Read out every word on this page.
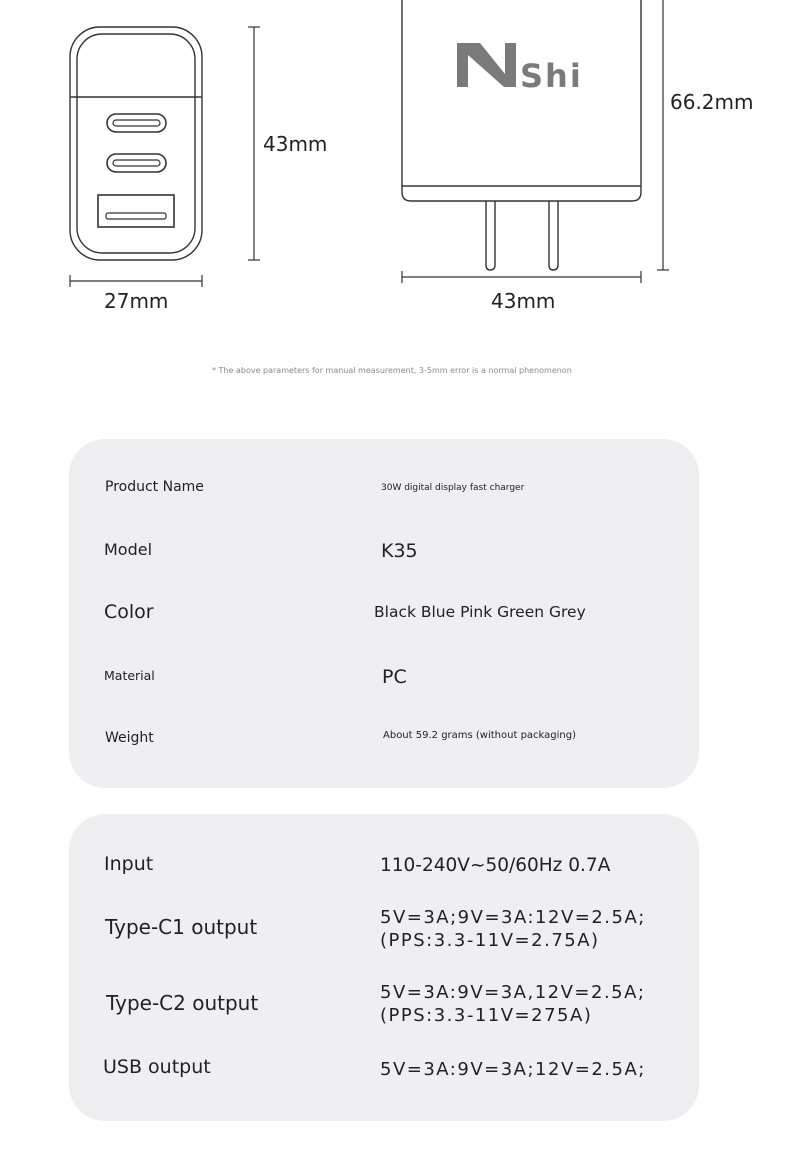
Shi
43mm
27mm
66.2mm
43mm
* The above parameters for manual measurement, 3-5mm error is a normal phenomenon
Product Name	30W digital display fast charger
Model	K35
Color	Black Blue Pink Green Grey
Material	PC
Weight	About 59.2 grams (without packaging)
Input	110-240V~50/60Hz 0.7A
Type-C1 output	5V=3A;9V=3A:12V=2.5A;
(PPS:3.3-11V=2.75A)
Type-C2 output	5V=3A:9V=3A,12V=2.5A;
(PPS:3.3-11V=275A)
USB output	5V=3A:9V=3A;12V=2.5A;
